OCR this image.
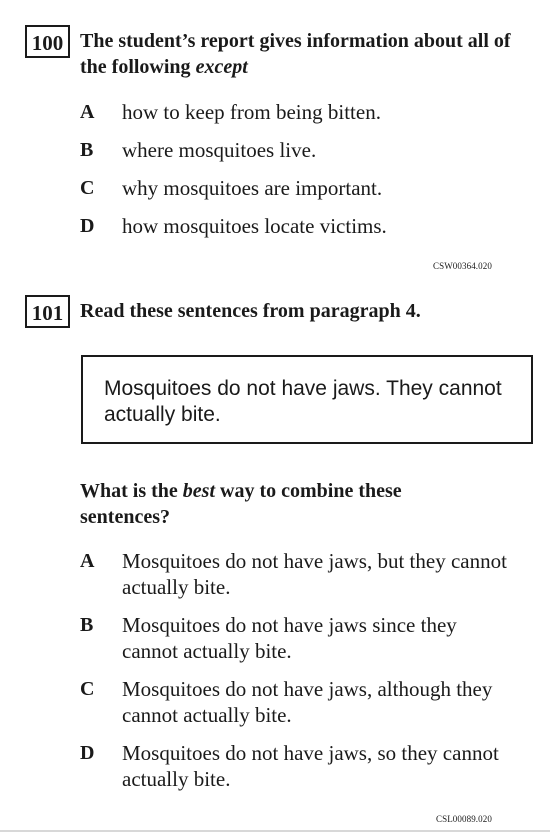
100 The student’s report gives information about all of the following except
A how to keep from being bitten.
B where mosquitoes live.
C why mosquitoes are important.
D how mosquitoes locate victims.
CSW00364.020
101 Read these sentences from paragraph 4.
Mosquitoes do not have jaws. They cannot actually bite.
What is the best way to combine these sentences?
A Mosquitoes do not have jaws, but they cannot actually bite.
B Mosquitoes do not have jaws since they cannot actually bite.
C Mosquitoes do not have jaws, although they cannot actually bite.
D Mosquitoes do not have jaws, so they cannot actually bite.
CSL00089.020
